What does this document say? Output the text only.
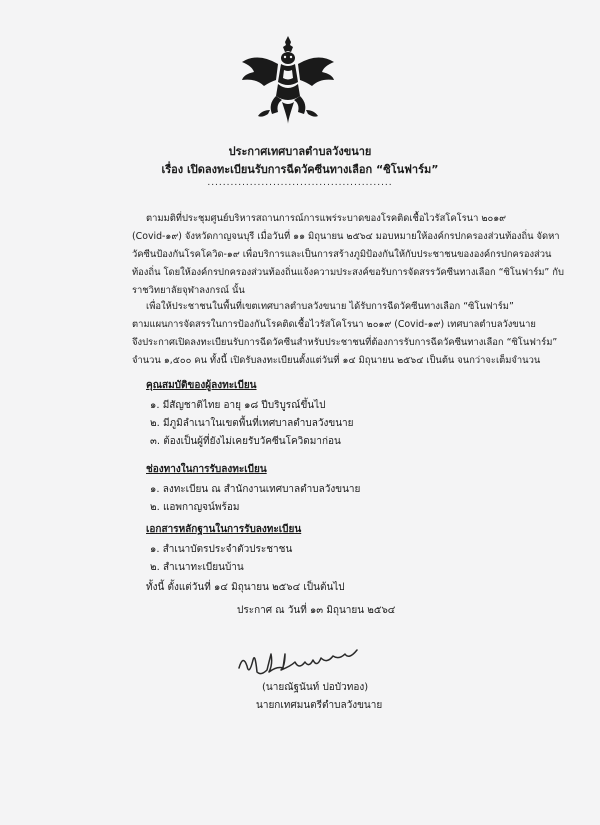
ประกาศเทศบาลตำบลวังขนาย
เรื่อง เปิดลงทะเบียนรับการฉีดวัคซีนทางเลือก “ซิโนฟาร์ม”
................................................
ตามมติที่ประชุมศูนย์บริหารสถานการณ์การแพร่ระบาดของโรคติดเชื้อไวรัสโคโรนา ๒๐๑๙
(Covid-๑๙) จังหวัดกาญจนบุรี เมื่อวันที่ ๑๑ มิถุนายน ๒๕๖๔ มอบหมายให้องค์กรปกครองส่วนท้องถิ่น จัดหา
วัคซีนป้องกันโรคโควิด-๑๙ เพื่อบริการและเป็นการสร้างภูมิป้องกันให้กับประชาชนขององค์กรปกครองส่วน
ท้องถิ่น โดยให้องค์กรปกครองส่วนท้องถิ่นแจ้งความประสงค์ขอรับการจัดสรรวัคซีนทางเลือก “ซิโนฟาร์ม” กับ
ราชวิทยาลัยจุฬาลงกรณ์ นั้น
เพื่อให้ประชาชนในพื้นที่เขตเทศบาลตำบลวังขนาย ได้รับการฉีดวัคซีนทางเลือก “ซิโนฟาร์ม”
ตามแผนการจัดสรรในการป้องกันโรคติดเชื้อไวรัสโคโรนา ๒๐๑๙ (Covid-๑๙) เทศบาลตำบลวังขนาย
จึงประกาศเปิดลงทะเบียนรับการฉีดวัคซีนสำหรับประชาชนที่ต้องการรับการฉีดวัคซีนทางเลือก “ซิโนฟาร์ม”
จำนวน ๑,๕๐๐ คน ทั้งนี้ เปิดรับลงทะเบียนตั้งแต่วันที่ ๑๔ มิถุนายน ๒๕๖๔ เป็นต้น จนกว่าจะเต็มจำนวน
คุณสมบัติของผู้ลงทะเบียน
๑. มีสัญชาติไทย อายุ ๑๘ ปีบริบูรณ์ขึ้นไป
๒. มีภูมิลำเนาในเขตพื้นที่เทศบาลตำบลวังขนาย
๓. ต้องเป็นผู้ที่ยังไม่เคยรับวัคซีนโควิดมาก่อน
ช่องทางในการรับลงทะเบียน
๑. ลงทะเบียน ณ สำนักงานเทศบาลตำบลวังขนาย
๒. แอพกาญจน์พร้อม
เอกสารหลักฐานในการรับลงทะเบียน
๑. สำเนาบัตรประจำตัวประชาชน
๒. สำเนาทะเบียนบ้าน
ทั้งนี้ ตั้งแต่วันที่ ๑๔ มิถุนายน ๒๕๖๔ เป็นต้นไป
ประกาศ ณ วันที่ ๑๓ มิถุนายน ๒๕๖๔
(นายณัฐนันท์ ปอบัวทอง)
นายกเทศมนตรีตำบลวังขนาย
